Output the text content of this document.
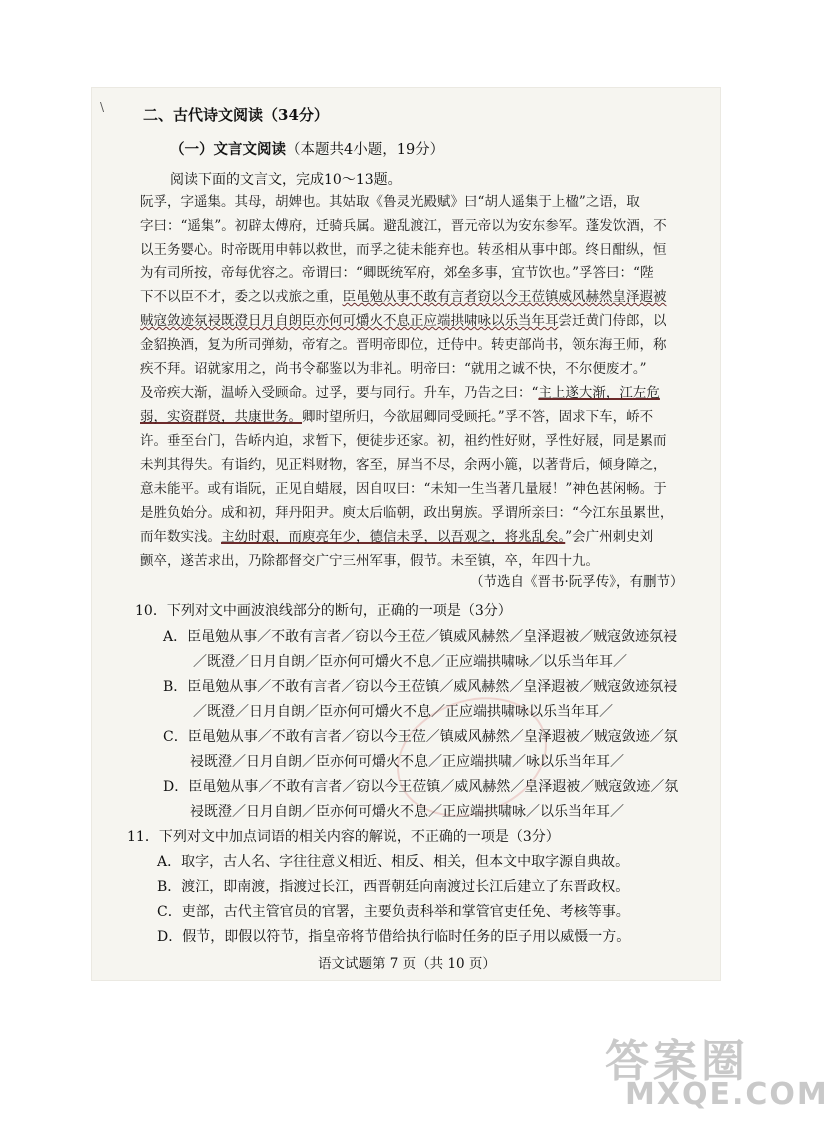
\	二、古代诗文阅读（34分）
（一）文言文阅读（本题共4小题，19分）
阅读下面的文言文，完成10～13题。
阮孚，字遥集。其母，胡婢也。其姑取《鲁灵光殿赋》曰“胡人遥集于上楹”之语，取
字曰：“遥集”。初辟太傅府，迁骑兵属。避乱渡江，晋元帝以为安东参军。蓬发饮酒，不
以王务婴心。时帝既用申韩以救世，而孚之徒未能弃也。转丞相从事中郎。终日酣纵，恒
为有司所按，帝每优容之。帝谓曰：“卿既统军府，郊垒多事，宜节饮也。”孚答曰：“陛
下不以臣不才，委之以戎旅之重，臣黾勉从事不敢有言者窃以今王莅镇威风赫然皇泽遐被
贼寇敛迹氛祲既澄日月自朗臣亦何可爝火不息正应端拱啸咏以乐当年耳尝迁黄门侍郎，以
金貂换酒，复为所司弹劾，帝宥之。晋明帝即位，迁侍中。转吏部尚书，领东海王师，称
疾不拜。诏就家用之，尚书令郗鉴以为非礼。明帝曰：“就用之诚不快，不尔便废才。”
及帝疾大渐，温峤入受顾命。过孚，要与同行。升车，乃告之曰：“主上遂大渐，江左危
弱，实资群贤，共康世务。卿时望所归，今欲屈卿同受顾托。”孚不答，固求下车，峤不
许。垂至台门，告峤内迫，求暂下，便徒步还家。初，祖约性好财，孚性好屐，同是累而
未判其得失。有诣约，见正料财物，客至，屏当不尽，余两小簏，以著背后，倾身障之，
意未能平。或有诣阮，正见自蜡屐，因自叹曰：“未知一生当著几量屐！”神色甚闲畅。于
是胜负始分。成和初，拜丹阳尹。庾太后临朝，政出舅族。孚谓所亲曰：“今江东虽累世，
而年数实浅。主幼时艰，而庾亮年少，德信未孚，以吾观之，将兆乱矣。”会广州刺史刘
颤卒，遂苦求出，乃除都督交广宁三州军事，假节。未至镇，卒，年四十九。
（节选自《晋书·阮孚传》，有删节）
10．下列对文中画波浪线部分的断句，正确的一项是（3分）
A．臣黾勉从事／不敢有言者／窃以今王莅／镇威风赫然／皇泽遐被／贼寇敛迹氛祲
／既澄／日月自朗／臣亦何可爝火不息／正应端拱啸咏／以乐当年耳／
B．臣黾勉从事／不敢有言者／窃以今王莅镇／威风赫然／皇泽遐被／贼寇敛迹氛祲
／既澄／日月自朗／臣亦何可爝火不息／正应端拱啸咏以乐当年耳／
C．臣黾勉从事／不敢有言者／窃以今王莅／镇威风赫然／皇泽遐被／贼寇敛迹／氛
祲既澄／日月自朗／臣亦何可爝火不息／正应端拱啸／咏以乐当年耳／
D．臣黾勉从事／不敢有言者／窃以今王莅镇／威风赫然／皇泽遐被／贼寇敛迹／氛
祲既澄／日月自朗／臣亦何可爝火不息／正应端拱啸咏／以乐当年耳／
11．下列对文中加点词语的相关内容的解说，不正确的一项是（3分）
A．取字，古人名、字往往意义相近、相反、相关，但本文中取字源自典故。
B．渡江，即南渡，指渡过长江，西晋朝廷向南渡过长江后建立了东晋政权。
C．吏部，古代主管官员的官署，主要负责科举和掌管官吏任免、考核等事。
D．假节，即假以符节，指皇帝将节借给执行临时任务的臣子用以威慑一方。
语文试题第 7 页（共 10 页）
答案圈
MXQE.COM
